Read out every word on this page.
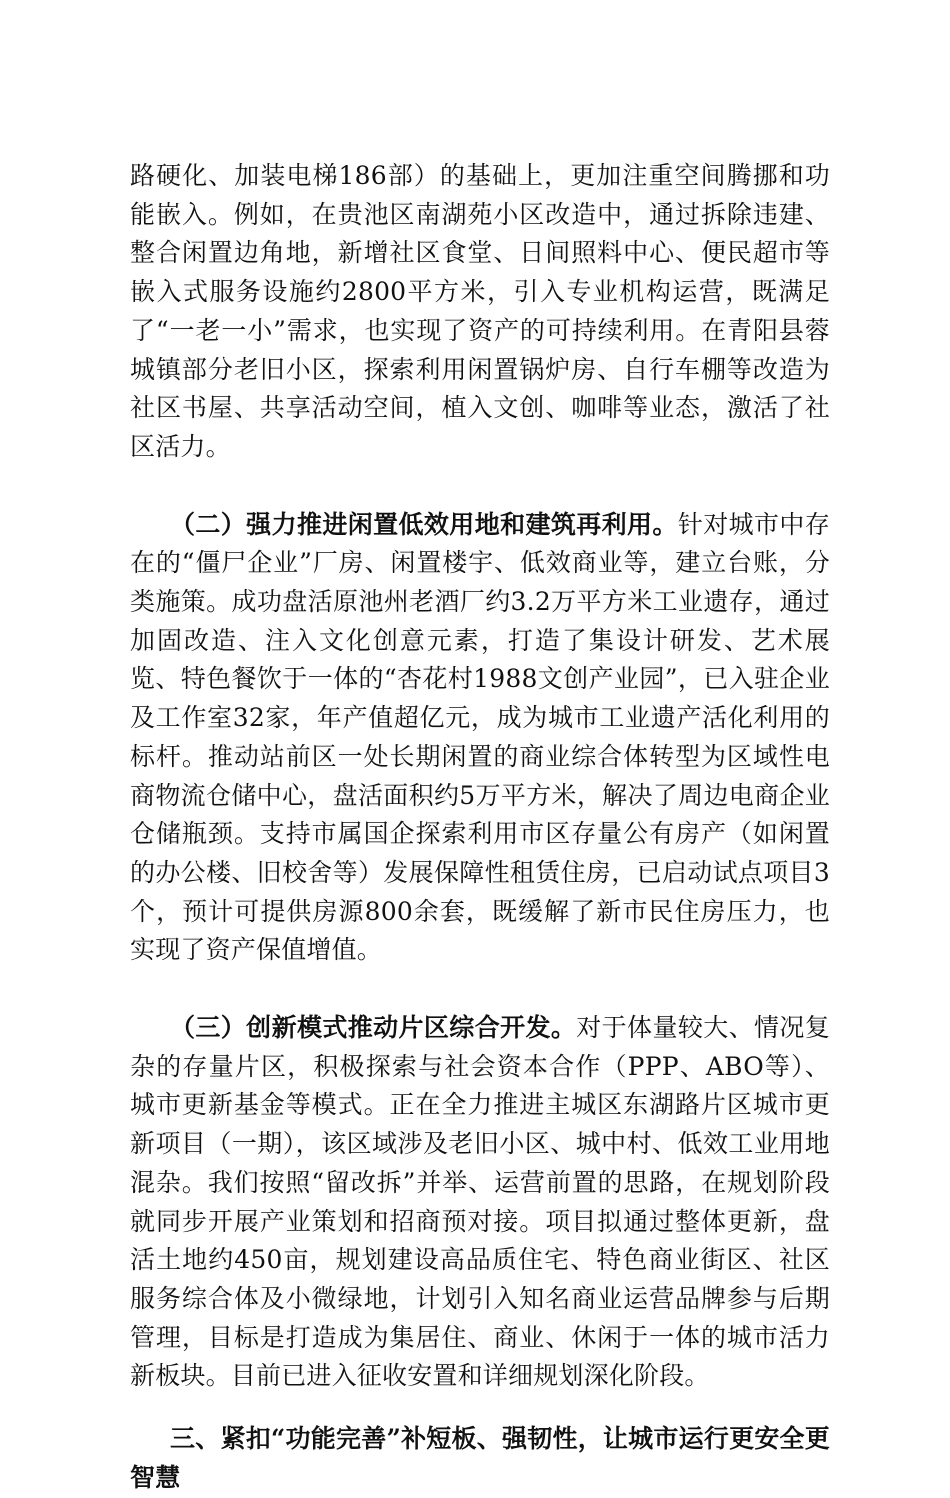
路硬化、加装电梯186部）的基础上，更加注重空间腾挪和功能嵌入。例如，在贵池区南湖苑小区改造中，通过拆除违建、整合闲置边角地，新增社区食堂、日间照料中心、便民超市等嵌入式服务设施约2800平方米，引入专业机构运营，既满足了“一老一小”需求，也实现了资产的可持续利用。在青阳县蓉城镇部分老旧小区，探索利用闲置锅炉房、自行车棚等改造为社区书屋、共享活动空间，植入文创、咖啡等业态，激活了社区活力。

（二）强力推进闲置低效用地和建筑再利用。针对城市中存在的“僵尸企业”厂房、闲置楼宇、低效商业等，建立台账，分类施策。成功盘活原池州老酒厂约3.2万平方米工业遗存，通过加固改造、注入文化创意元素，打造了集设计研发、艺术展览、特色餐饮于一体的“杏花村1988文创产业园”，已入驻企业及工作室32家，年产值超亿元，成为城市工业遗产活化利用的标杆。推动站前区一处长期闲置的商业综合体转型为区域性电商物流仓储中心，盘活面积约5万平方米，解决了周边电商企业仓储瓶颈。支持市属国企探索利用市区存量公有房产（如闲置的办公楼、旧校舍等）发展保障性租赁住房，已启动试点项目3个，预计可提供房源800余套，既缓解了新市民住房压力，也实现了资产保值增值。

（三）创新模式推动片区综合开发。对于体量较大、情况复杂的存量片区，积极探索与社会资本合作（PPP、ABO等）、城市更新基金等模式。正在全力推进主城区东湖路片区城市更新项目（一期），该区域涉及老旧小区、城中村、低效工业用地混杂。我们按照“留改拆”并举、运营前置的思路，在规划阶段就同步开展产业策划和招商预对接。项目拟通过整体更新，盘活土地约450亩，规划建设高品质住宅、特色商业街区、社区服务综合体及小微绿地，计划引入知名商业运营品牌参与后期管理，目标是打造成为集居住、商业、休闲于一体的城市活力新板块。目前已进入征收安置和详细规划深化阶段。

三、紧扣“功能完善”补短板、强韧性，让城市运行更安全更智慧
